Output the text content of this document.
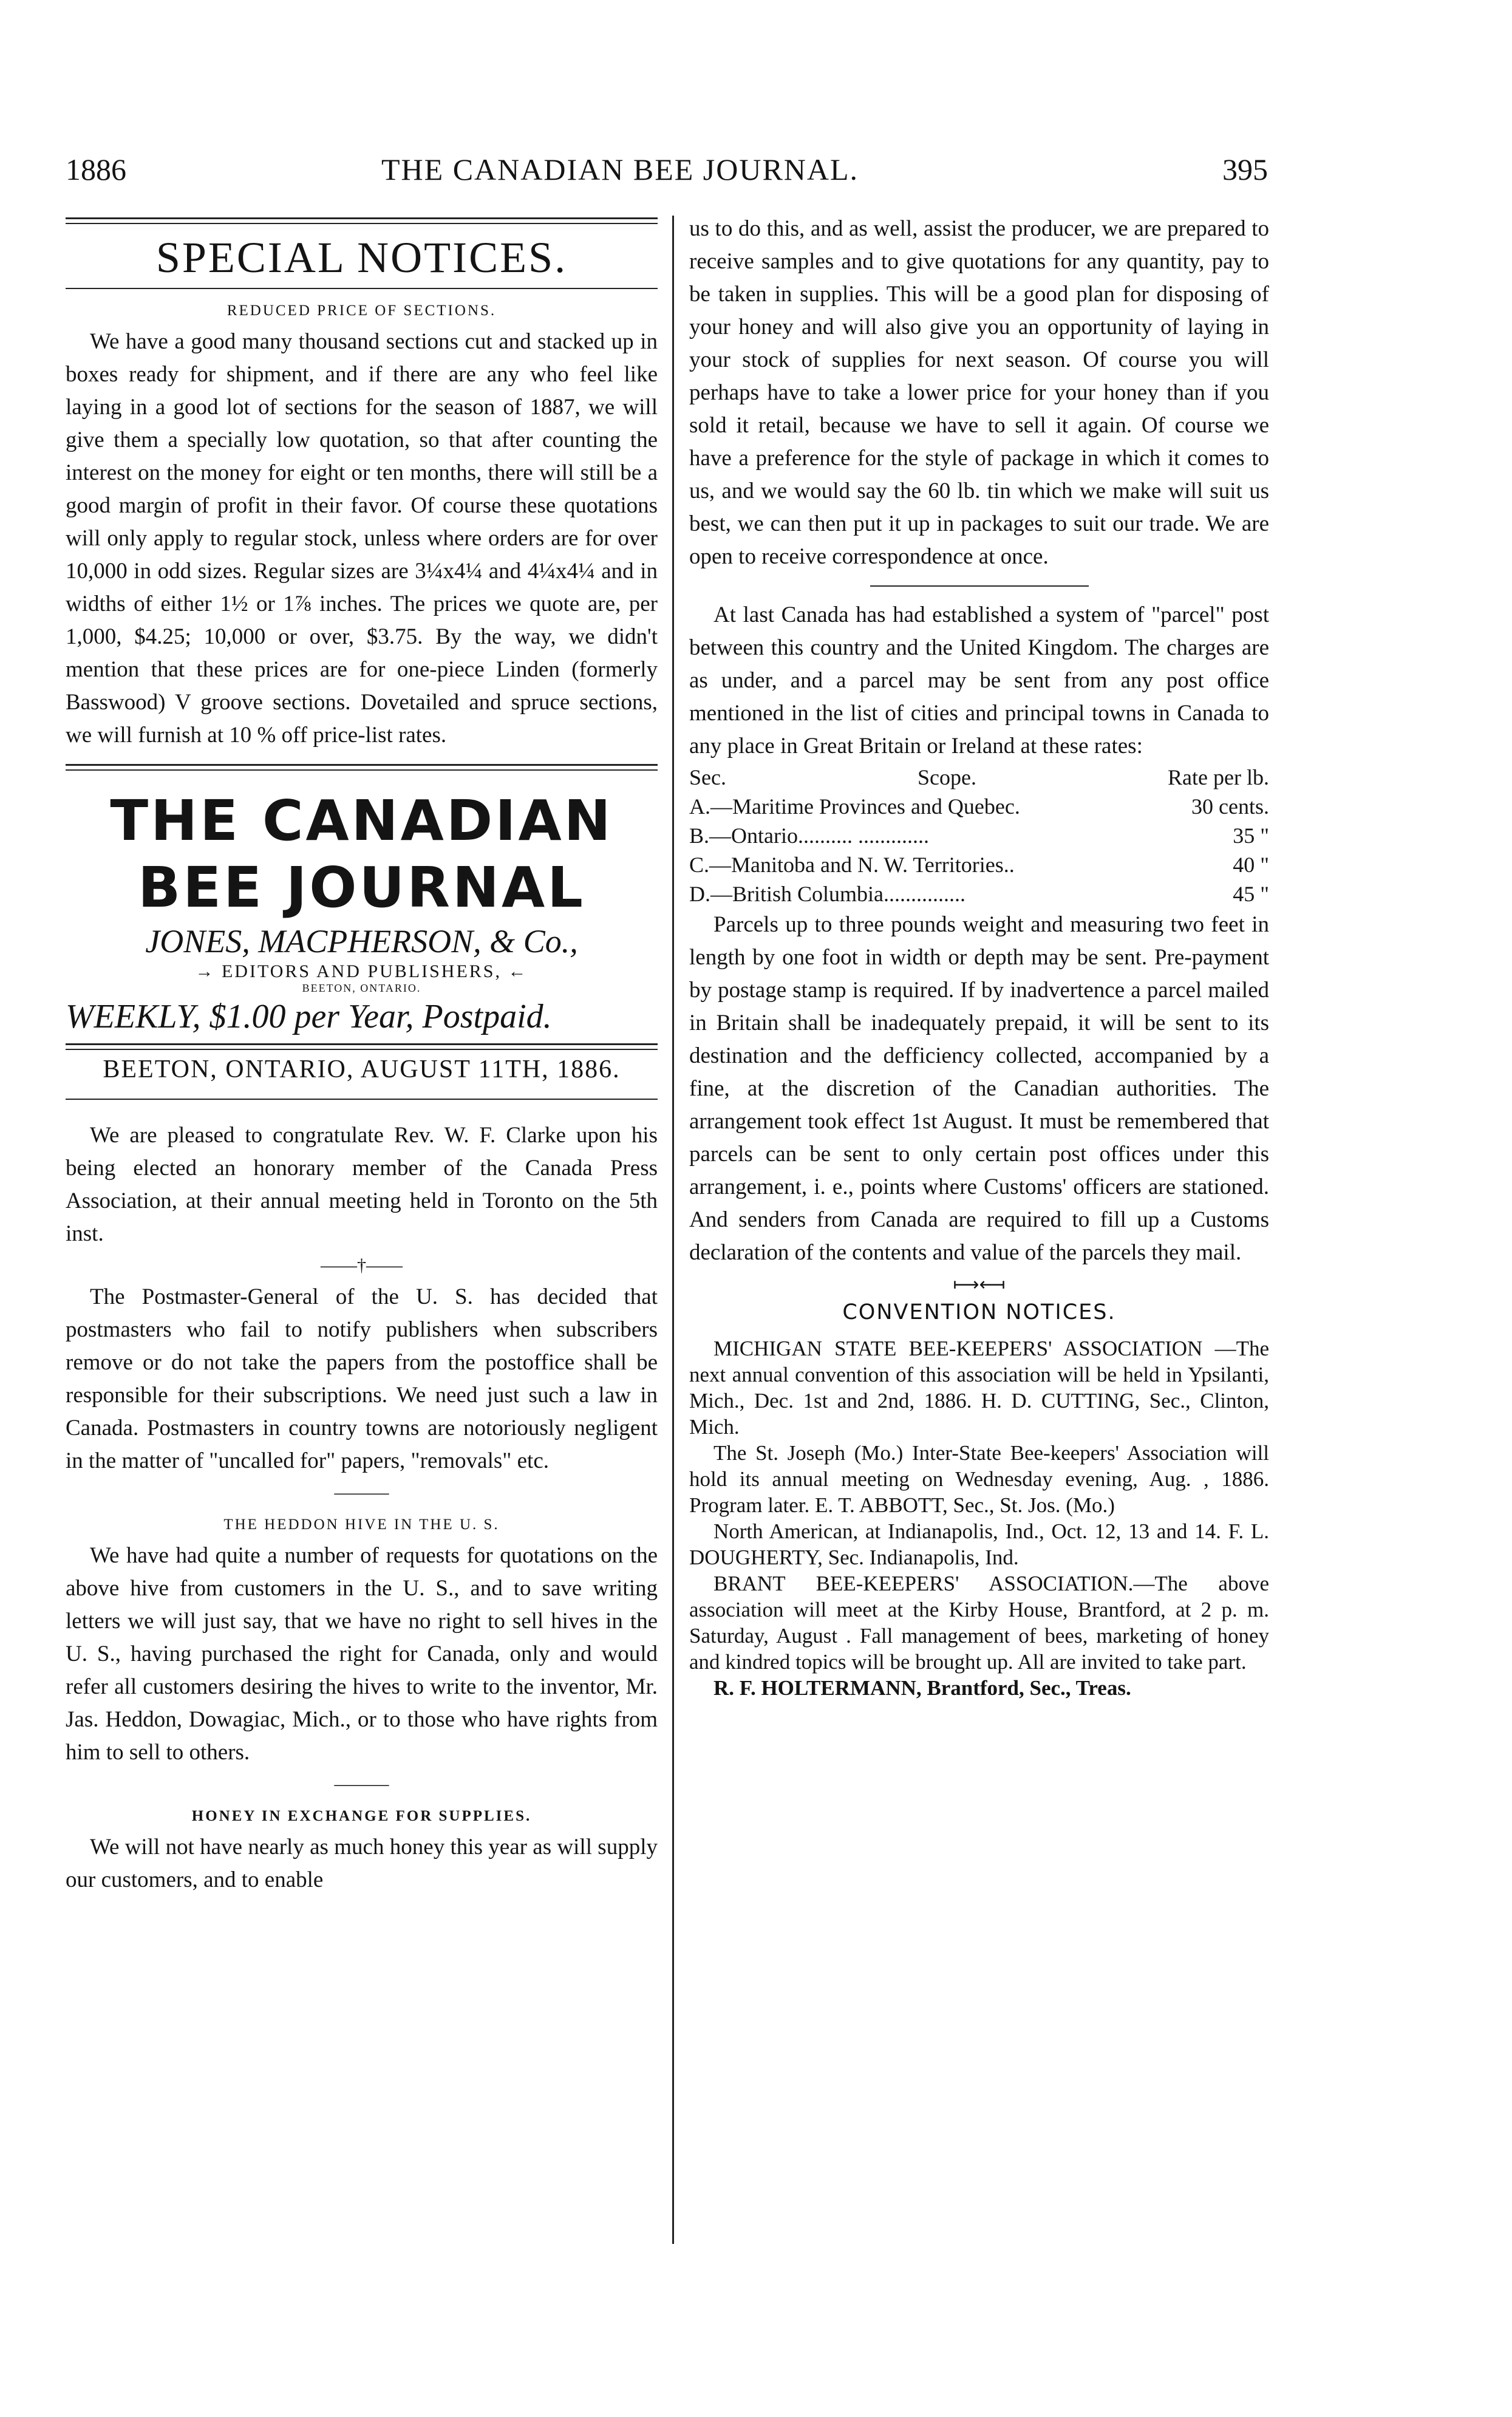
1886	THE CANADIAN BEE JOURNAL.	395
SPECIAL NOTICES.
REDUCED PRICE OF SECTIONS.

We have a good many thousand sections cut and stacked up in boxes ready for shipment, and if there are any who feel like laying in a good lot of sections for the season of 1887, we will give them a specially low quotation, so that after counting the interest on the money for eight or ten months, there will still be a good margin of profit in their favor. Of course these quotations will only apply to regular stock, unless where orders are for over 10,000 in odd sizes. Regular sizes are 3¼x4¼ and 4¼x4¼ and in widths of either 1½ or 1⅞ inches. The prices we quote are, per 1,000, $4.25; 10,000 or over, $3.75. By the way, we didn't mention that these prices are for one-piece Linden (formerly Basswood) V groove sections. Dovetailed and spruce sections, we will furnish at 10 % off price-list rates.

THE CANADIAN BEE JOURNAL
JONES, MACPHERSON, & Co.,
→ EDITORS AND PUBLISHERS, ←
BEETON, ONTARIO.
WEEKLY, $1.00 per Year, Postpaid.
BEETON, ONTARIO, AUGUST 11TH, 1886.

We are pleased to congratulate Rev. W. F. Clarke upon his being elected an honorary member of the Canada Press Association, at their annual meeting held in Toronto on the 5th inst.

——†——

The Postmaster-General of the U. S. has decided that postmasters who fail to notify publishers when subscribers remove or do not take the papers from the postoffice shall be responsible for their subscriptions. We need just such a law in Canada. Postmasters in country towns are notoriously negligent in the matter of "uncalled for" papers, "removals" etc.

———
THE HEDDON HIVE IN THE U. S.

We have had quite a number of requests for quotations on the above hive from customers in the U. S., and to save writing letters we will just say, that we have no right to sell hives in the U. S., having purchased the right for Canada, only and would refer all customers desiring the hives to write to the inventor, Mr. Jas. Heddon, Dowagiac, Mich., or to those who have rights from him to sell to others.

———
HONEY IN EXCHANGE FOR SUPPLIES.

We will not have nearly as much honey this year as will supply our customers, and to enable

us to do this, and as well, assist the producer, we are prepared to receive samples and to give quotations for any quantity, pay to be taken in supplies. This will be a good plan for disposing of your honey and will also give you an opportunity of laying in your stock of supplies for next season. Of course you will perhaps have to take a lower price for your honey than if you sold it retail, because we have to sell it again. Of course we have a preference for the style of package in which it comes to us, and we would say the 60 lb. tin which we make will suit us best, we can then put it up in packages to suit our trade. We are open to receive correspondence at once.

At last Canada has had established a system of "parcel" post between this country and the United Kingdom. The charges are as under, and a parcel may be sent from any post office mentioned in the list of cities and principal towns in Canada to any place in Great Britain or Ireland at these rates:

Sec.	Scope.	Rate per lb.
A.—Maritime Provinces and Quebec.	30 cents.
B.—Ontario.......... .............	35 "
C.—Manitoba and N. W. Territories..	40 "
D.—British Columbia...............	45 "

Parcels up to three pounds weight and measuring two feet in length by one foot in width or depth may be sent. Pre-payment by postage stamp is required. If by inadvertence a parcel mailed in Britain shall be inadequately prepaid, it will be sent to its destination and the defficiency collected, accompanied by a fine, at the discretion of the Canadian authorities. The arrangement took effect 1st August. It must be remembered that parcels can be sent to only certain post offices under this arrangement, i. e., points where Customs' officers are stationed. And senders from Canada are required to fill up a Customs declaration of the contents and value of the parcels they mail.

⟼⟻
CONVENTION NOTICES.

MICHIGAN STATE BEE-KEEPERS' ASSOCIATION —The next annual convention of this association will be held in Ypsilanti, Mich., Dec. 1st and 2nd, 1886. H. D. CUTTING, Sec., Clinton, Mich.

The St. Joseph (Mo.) Inter-State Bee-keepers' Association will hold its annual meeting on Wednesday evening, Aug. , 1886. Program later. E. T. ABBOTT, Sec., St. Jos. (Mo.)

North American, at Indianapolis, Ind., Oct. 12, 13 and 14. F. L. DOUGHERTY, Sec. Indianapolis, Ind.

BRANT BEE-KEEPERS' ASSOCIATION.—The above association will meet at the Kirby House, Brantford, at 2 p. m. Saturday, August . Fall management of bees, marketing of honey and kindred topics will be brought up. All are invited to take part.

R. F. HOLTERMANN, Brantford, Sec., Treas.
